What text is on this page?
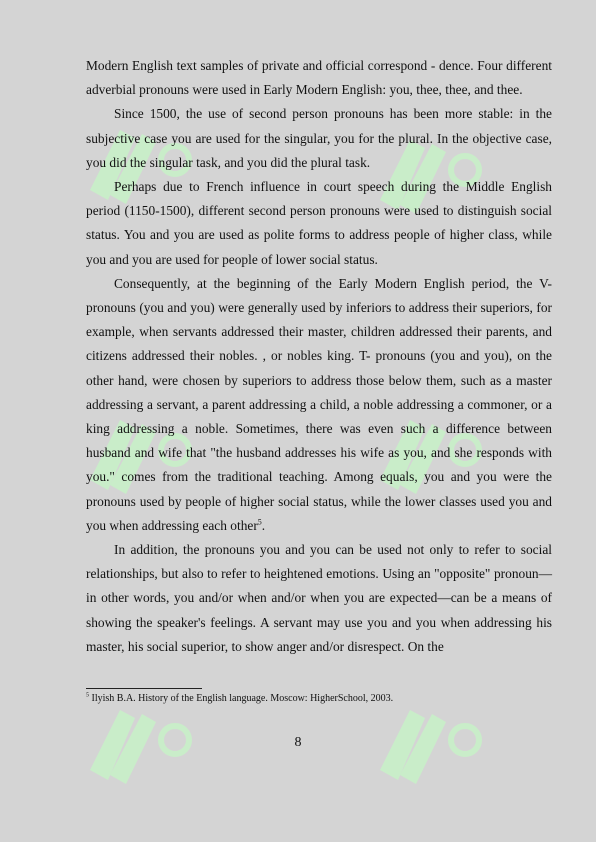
Modern English text samples of private and official correspond - dence. Four different adverbial pronouns were used in Early Modern English: you, thee, thee, and thee.

Since 1500, the use of second person pronouns has been more stable: in the subjective case you are used for the singular, you for the plural. In the objective case, you did the singular task, and you did the plural task.

Perhaps due to French influence in court speech during the Middle English period (1150-1500), different second person pronouns were used to distinguish social status. You and you are used as polite forms to address people of higher class, while you and you are used for people of lower social status.

Consequently, at the beginning of the Early Modern English period, the V-pronouns (you and you) were generally used by inferiors to address their superiors, for example, when servants addressed their master, children addressed their parents, and citizens addressed their nobles. , or nobles king. T- pronouns (you and you), on the other hand, were chosen by superiors to address those below them, such as a master addressing a servant, a parent addressing a child, a noble addressing a commoner, or a king addressing a noble. Sometimes, there was even such a difference between husband and wife that "the husband addresses his wife as you, and she responds with you." comes from the traditional teaching. Among equals, you and you were the pronouns used by people of higher social status, while the lower classes used you and you when addressing each other$^5$.

In addition, the pronouns you and you can be used not only to refer to social relationships, but also to refer to heightened emotions. Using an "opposite" pronoun—in other words, you and/or when and/or when you are expected—can be a means of showing the speaker's feelings. A servant may use you and you when addressing his master, his social superior, to show anger and/or disrespect. On the

$^5$ Ilyish B.A. History of the English language. Moscow: HigherSchool, 2003.
8
